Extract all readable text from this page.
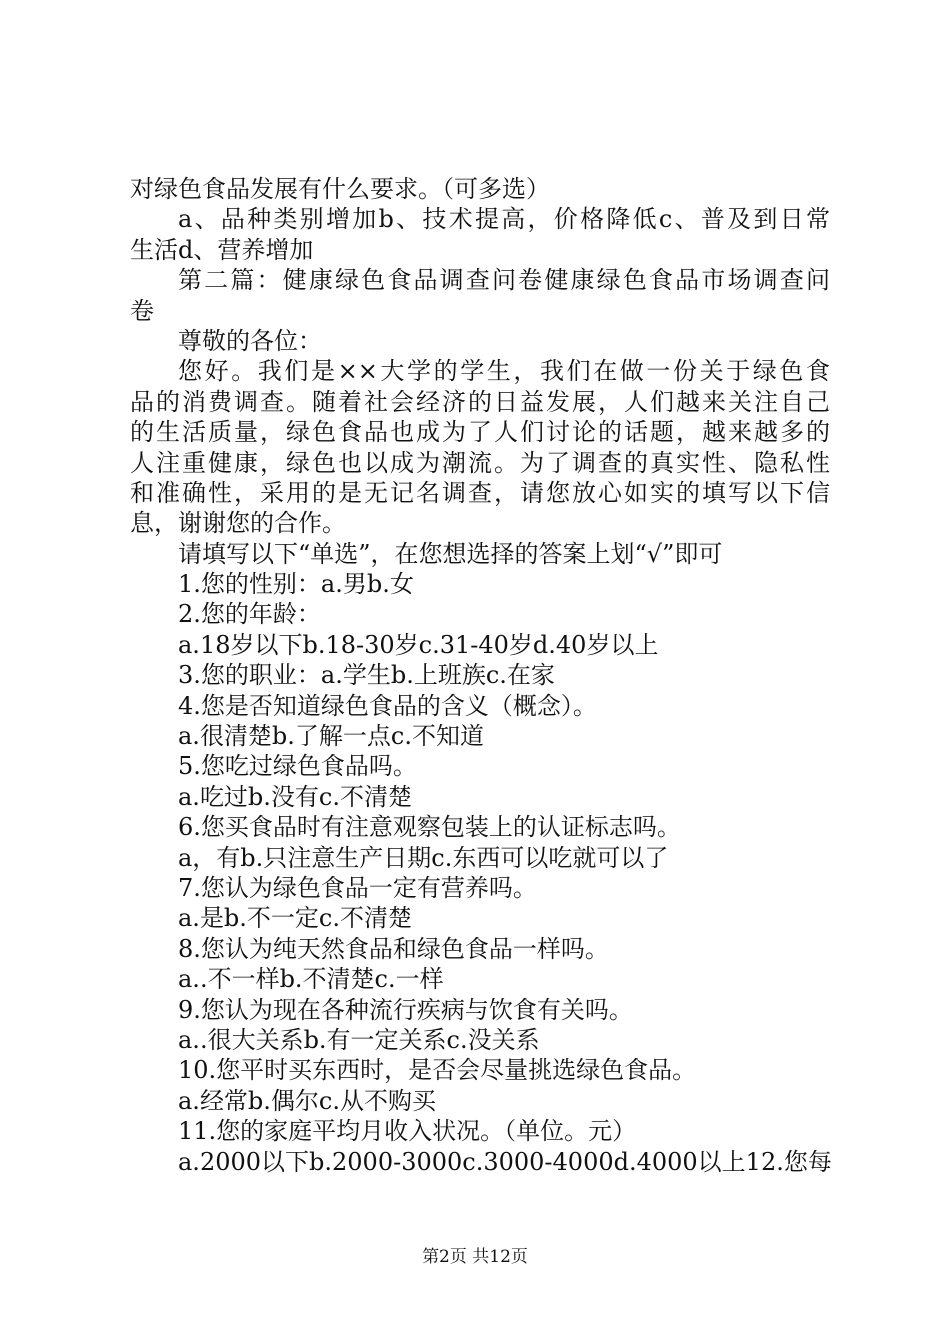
对绿色食品发展有什么要求。（可多选）
a、品种类别增加b、技术提高，价格降低c、普及到日常
生活d、营养增加
第二篇：健康绿色食品调查问卷健康绿色食品市场调查问
卷
尊敬的各位：
您好。我们是××大学的学生，我们在做一份关于绿色食
品的消费调查。随着社会经济的日益发展，人们越来关注自己
的生活质量，绿色食品也成为了人们讨论的话题，越来越多的
人注重健康，绿色也以成为潮流。为了调查的真实性、隐私性
和准确性，采用的是无记名调查，请您放心如实的填写以下信
息，谢谢您的合作。
请填写以下“单选”，在您想选择的答案上划“√”即可
1.您的性别：a.男b.女
2.您的年龄：
a.18岁以下b.18-30岁c.31-40岁d.40岁以上
3.您的职业：a.学生b.上班族c.在家
4.您是否知道绿色食品的含义（概念）。
a.很清楚b.了解一点c.不知道
5.您吃过绿色食品吗。
a.吃过b.没有c.不清楚
6.您买食品时有注意观察包装上的认证标志吗。
a，有b.只注意生产日期c.东西可以吃就可以了
7.您认为绿色食品一定有营养吗。
a.是b.不一定c.不清楚
8.您认为纯天然食品和绿色食品一样吗。
a..不一样b.不清楚c.一样
9.您认为现在各种流行疾病与饮食有关吗。
a..很大关系b.有一定关系c.没关系
10.您平时买东西时，是否会尽量挑选绿色食品。
a.经常b.偶尔c.从不购买
11.您的家庭平均月收入状况。（单位。元）
a.2000以下b.2000-3000c.3000-4000d.4000以上12.您每
第2页 共12页
